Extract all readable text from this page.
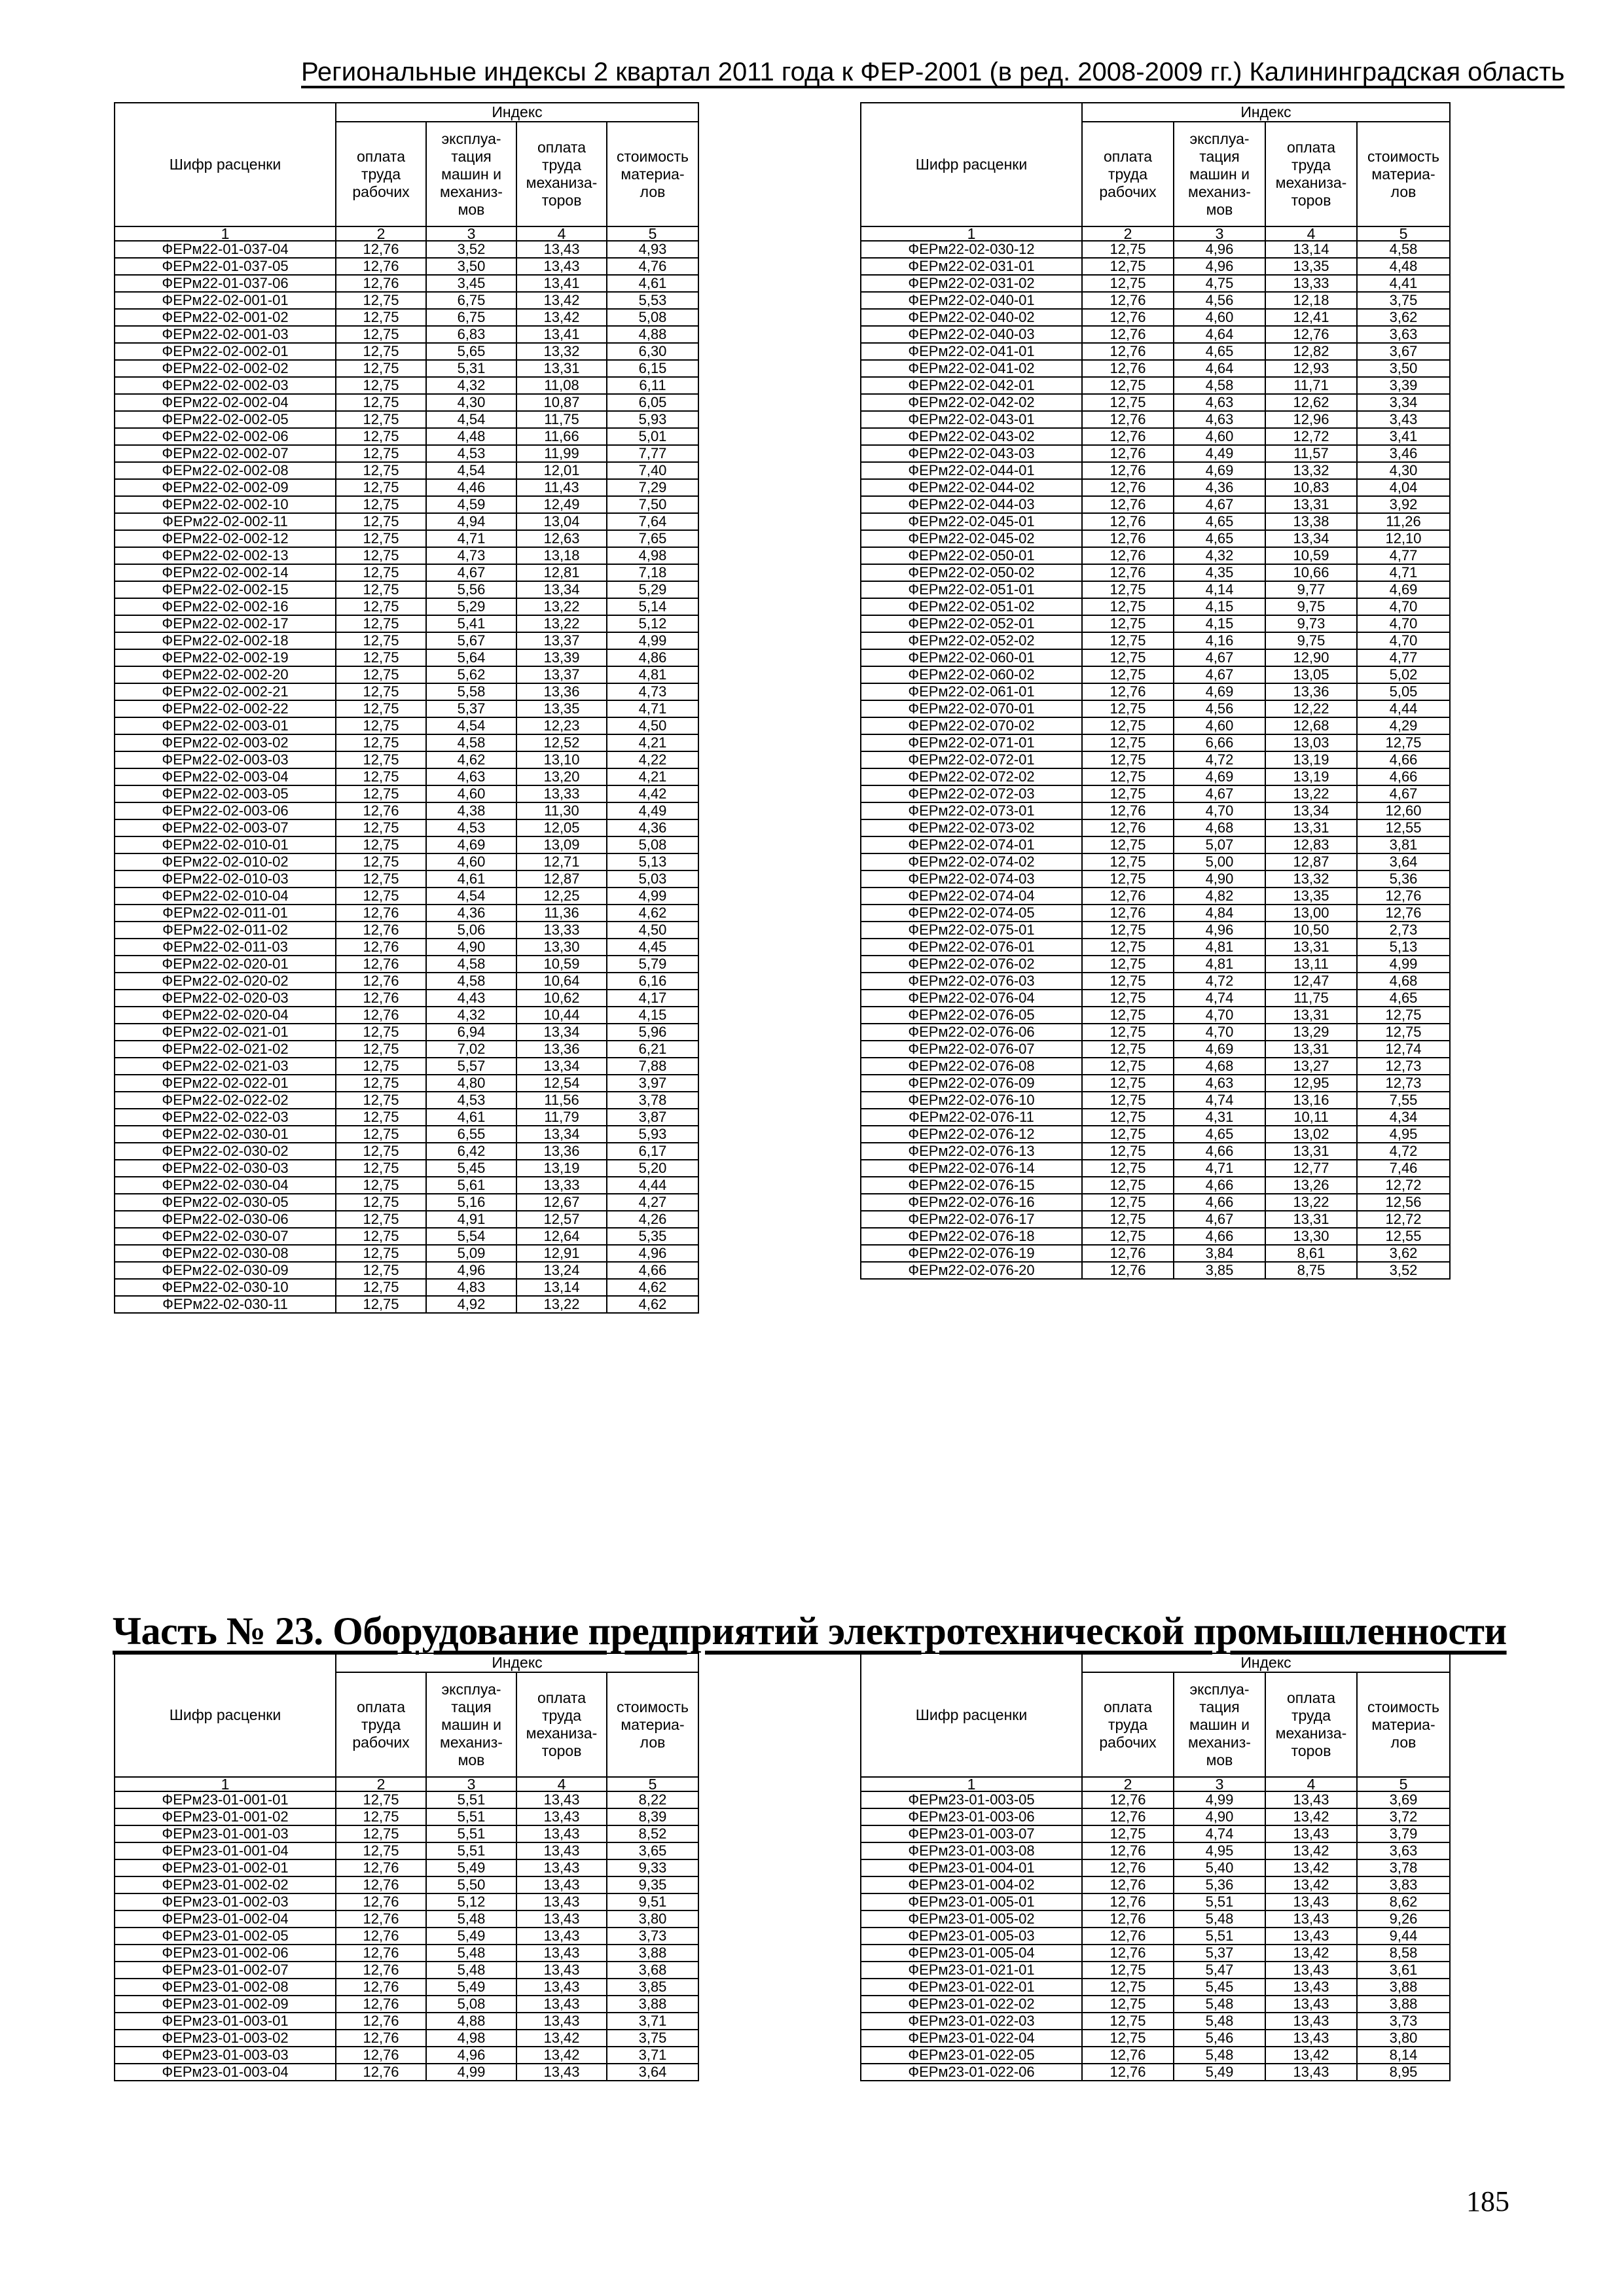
Региональные индексы 2 квартал 2011 года к ФЕР-2001 (в ред. 2008-2009 гг.) Калининградская область
Шифр расценки	Индекс			
	оплата труда рабочих	эксплуа- тация машин и механиз- мов	оплата труда механиза- торов	стоимость материа- лов
1	2	3	4	5
ФЕРм22-01-037-04	12,76	3,52	13,43	4,93
ФЕРм22-01-037-05	12,76	3,50	13,43	4,76
ФЕРм22-01-037-06	12,76	3,45	13,41	4,61
ФЕРм22-02-001-01	12,75	6,75	13,42	5,53
ФЕРм22-02-001-02	12,75	6,75	13,42	5,08
ФЕРм22-02-001-03	12,75	6,83	13,41	4,88
ФЕРм22-02-002-01	12,75	5,65	13,32	6,30
ФЕРм22-02-002-02	12,75	5,31	13,31	6,15
ФЕРм22-02-002-03	12,75	4,32	11,08	6,11
ФЕРм22-02-002-04	12,75	4,30	10,87	6,05
ФЕРм22-02-002-05	12,75	4,54	11,75	5,93
ФЕРм22-02-002-06	12,75	4,48	11,66	5,01
ФЕРм22-02-002-07	12,75	4,53	11,99	7,77
ФЕРм22-02-002-08	12,75	4,54	12,01	7,40
ФЕРм22-02-002-09	12,75	4,46	11,43	7,29
ФЕРм22-02-002-10	12,75	4,59	12,49	7,50
ФЕРм22-02-002-11	12,75	4,94	13,04	7,64
ФЕРм22-02-002-12	12,75	4,71	12,63	7,65
ФЕРм22-02-002-13	12,75	4,73	13,18	4,98
ФЕРм22-02-002-14	12,75	4,67	12,81	7,18
ФЕРм22-02-002-15	12,75	5,56	13,34	5,29
ФЕРм22-02-002-16	12,75	5,29	13,22	5,14
ФЕРм22-02-002-17	12,75	5,41	13,22	5,12
ФЕРм22-02-002-18	12,75	5,67	13,37	4,99
ФЕРм22-02-002-19	12,75	5,64	13,39	4,86
ФЕРм22-02-002-20	12,75	5,62	13,37	4,81
ФЕРм22-02-002-21	12,75	5,58	13,36	4,73
ФЕРм22-02-002-22	12,75	5,37	13,35	4,71
ФЕРм22-02-003-01	12,75	4,54	12,23	4,50
ФЕРм22-02-003-02	12,75	4,58	12,52	4,21
ФЕРм22-02-003-03	12,75	4,62	13,10	4,22
ФЕРм22-02-003-04	12,75	4,63	13,20	4,21
ФЕРм22-02-003-05	12,75	4,60	13,33	4,42
ФЕРм22-02-003-06	12,76	4,38	11,30	4,49
ФЕРм22-02-003-07	12,75	4,53	12,05	4,36
ФЕРм22-02-010-01	12,75	4,69	13,09	5,08
ФЕРм22-02-010-02	12,75	4,60	12,71	5,13
ФЕРм22-02-010-03	12,75	4,61	12,87	5,03
ФЕРм22-02-010-04	12,75	4,54	12,25	4,99
ФЕРм22-02-011-01	12,76	4,36	11,36	4,62
ФЕРм22-02-011-02	12,76	5,06	13,33	4,50
ФЕРм22-02-011-03	12,76	4,90	13,30	4,45
ФЕРм22-02-020-01	12,76	4,58	10,59	5,79
ФЕРм22-02-020-02	12,76	4,58	10,64	6,16
ФЕРм22-02-020-03	12,76	4,43	10,62	4,17
ФЕРм22-02-020-04	12,76	4,32	10,44	4,15
ФЕРм22-02-021-01	12,75	6,94	13,34	5,96
ФЕРм22-02-021-02	12,75	7,02	13,36	6,21
ФЕРм22-02-021-03	12,75	5,57	13,34	7,88
ФЕРм22-02-022-01	12,75	4,80	12,54	3,97
ФЕРм22-02-022-02	12,75	4,53	11,56	3,78
ФЕРм22-02-022-03	12,75	4,61	11,79	3,87
ФЕРм22-02-030-01	12,75	6,55	13,34	5,93
ФЕРм22-02-030-02	12,75	6,42	13,36	6,17
ФЕРм22-02-030-03	12,75	5,45	13,19	5,20
ФЕРм22-02-030-04	12,75	5,61	13,33	4,44
ФЕРм22-02-030-05	12,75	5,16	12,67	4,27
ФЕРм22-02-030-06	12,75	4,91	12,57	4,26
ФЕРм22-02-030-07	12,75	5,54	12,64	5,35
ФЕРм22-02-030-08	12,75	5,09	12,91	4,96
ФЕРм22-02-030-09	12,75	4,96	13,24	4,66
ФЕРм22-02-030-10	12,75	4,83	13,14	4,62
ФЕРм22-02-030-11	12,75	4,92	13,22	4,62
Шифр расценки	Индекс			
	оплата труда рабочих	эксплуа- тация машин и механиз- мов	оплата труда механиза- торов	стоимость материа- лов
1	2	3	4	5
ФЕРм22-02-030-12	12,75	4,96	13,14	4,58
ФЕРм22-02-031-01	12,75	4,96	13,35	4,48
ФЕРм22-02-031-02	12,75	4,75	13,33	4,41
ФЕРм22-02-040-01	12,76	4,56	12,18	3,75
ФЕРм22-02-040-02	12,76	4,60	12,41	3,62
ФЕРм22-02-040-03	12,76	4,64	12,76	3,63
ФЕРм22-02-041-01	12,76	4,65	12,82	3,67
ФЕРм22-02-041-02	12,76	4,64	12,93	3,50
ФЕРм22-02-042-01	12,75	4,58	11,71	3,39
ФЕРм22-02-042-02	12,75	4,63	12,62	3,34
ФЕРм22-02-043-01	12,76	4,63	12,96	3,43
ФЕРм22-02-043-02	12,76	4,60	12,72	3,41
ФЕРм22-02-043-03	12,76	4,49	11,57	3,46
ФЕРм22-02-044-01	12,76	4,69	13,32	4,30
ФЕРм22-02-044-02	12,76	4,36	10,83	4,04
ФЕРм22-02-044-03	12,76	4,67	13,31	3,92
ФЕРм22-02-045-01	12,76	4,65	13,38	11,26
ФЕРм22-02-045-02	12,76	4,65	13,34	12,10
ФЕРм22-02-050-01	12,76	4,32	10,59	4,77
ФЕРм22-02-050-02	12,76	4,35	10,66	4,71
ФЕРм22-02-051-01	12,75	4,14	9,77	4,69
ФЕРм22-02-051-02	12,75	4,15	9,75	4,70
ФЕРм22-02-052-01	12,75	4,15	9,73	4,70
ФЕРм22-02-052-02	12,75	4,16	9,75	4,70
ФЕРм22-02-060-01	12,75	4,67	12,90	4,77
ФЕРм22-02-060-02	12,75	4,67	13,05	5,02
ФЕРм22-02-061-01	12,76	4,69	13,36	5,05
ФЕРм22-02-070-01	12,75	4,56	12,22	4,44
ФЕРм22-02-070-02	12,75	4,60	12,68	4,29
ФЕРм22-02-071-01	12,75	6,66	13,03	12,75
ФЕРм22-02-072-01	12,75	4,72	13,19	4,66
ФЕРм22-02-072-02	12,75	4,69	13,19	4,66
ФЕРм22-02-072-03	12,75	4,67	13,22	4,67
ФЕРм22-02-073-01	12,76	4,70	13,34	12,60
ФЕРм22-02-073-02	12,76	4,68	13,31	12,55
ФЕРм22-02-074-01	12,75	5,07	12,83	3,81
ФЕРм22-02-074-02	12,75	5,00	12,87	3,64
ФЕРм22-02-074-03	12,75	4,90	13,32	5,36
ФЕРм22-02-074-04	12,76	4,82	13,35	12,76
ФЕРм22-02-074-05	12,76	4,84	13,00	12,76
ФЕРм22-02-075-01	12,75	4,96	10,50	2,73
ФЕРм22-02-076-01	12,75	4,81	13,31	5,13
ФЕРм22-02-076-02	12,75	4,81	13,11	4,99
ФЕРм22-02-076-03	12,75	4,72	12,47	4,68
ФЕРм22-02-076-04	12,75	4,74	11,75	4,65
ФЕРм22-02-076-05	12,75	4,70	13,31	12,75
ФЕРм22-02-076-06	12,75	4,70	13,29	12,75
ФЕРм22-02-076-07	12,75	4,69	13,31	12,74
ФЕРм22-02-076-08	12,75	4,68	13,27	12,73
ФЕРм22-02-076-09	12,75	4,63	12,95	12,73
ФЕРм22-02-076-10	12,75	4,74	13,16	7,55
ФЕРм22-02-076-11	12,75	4,31	10,11	4,34
ФЕРм22-02-076-12	12,75	4,65	13,02	4,95
ФЕРм22-02-076-13	12,75	4,66	13,31	4,72
ФЕРм22-02-076-14	12,75	4,71	12,77	7,46
ФЕРм22-02-076-15	12,75	4,66	13,26	12,72
ФЕРм22-02-076-16	12,75	4,66	13,22	12,56
ФЕРм22-02-076-17	12,75	4,67	13,31	12,72
ФЕРм22-02-076-18	12,75	4,66	13,30	12,55
ФЕРм22-02-076-19	12,76	3,84	8,61	3,62
ФЕРм22-02-076-20	12,76	3,85	8,75	3,52
Часть № 23. Оборудование предприятий электротехнической промышленности
Шифр расценки	Индекс			
	оплата труда рабочих	эксплуа- тация машин и механиз- мов	оплата труда механиза- торов	стоимость материа- лов
1	2	3	4	5
ФЕРм23-01-001-01	12,75	5,51	13,43	8,22
ФЕРм23-01-001-02	12,75	5,51	13,43	8,39
ФЕРм23-01-001-03	12,75	5,51	13,43	8,52
ФЕРм23-01-001-04	12,75	5,51	13,43	3,65
ФЕРм23-01-002-01	12,76	5,49	13,43	9,33
ФЕРм23-01-002-02	12,76	5,50	13,43	9,35
ФЕРм23-01-002-03	12,76	5,12	13,43	9,51
ФЕРм23-01-002-04	12,76	5,48	13,43	3,80
ФЕРм23-01-002-05	12,76	5,49	13,43	3,73
ФЕРм23-01-002-06	12,76	5,48	13,43	3,88
ФЕРм23-01-002-07	12,76	5,48	13,43	3,68
ФЕРм23-01-002-08	12,76	5,49	13,43	3,85
ФЕРм23-01-002-09	12,76	5,08	13,43	3,88
ФЕРм23-01-003-01	12,76	4,88	13,43	3,71
ФЕРм23-01-003-02	12,76	4,98	13,42	3,75
ФЕРм23-01-003-03	12,76	4,96	13,42	3,71
ФЕРм23-01-003-04	12,76	4,99	13,43	3,64
Шифр расценки	Индекс			
	оплата труда рабочих	эксплуа- тация машин и механиз- мов	оплата труда механиза- торов	стоимость материа- лов
1	2	3	4	5
ФЕРм23-01-003-05	12,76	4,99	13,43	3,69
ФЕРм23-01-003-06	12,76	4,90	13,42	3,72
ФЕРм23-01-003-07	12,75	4,74	13,43	3,79
ФЕРм23-01-003-08	12,76	4,95	13,42	3,63
ФЕРм23-01-004-01	12,76	5,40	13,42	3,78
ФЕРм23-01-004-02	12,76	5,36	13,42	3,83
ФЕРм23-01-005-01	12,76	5,51	13,43	8,62
ФЕРм23-01-005-02	12,76	5,48	13,43	9,26
ФЕРм23-01-005-03	12,76	5,51	13,43	9,44
ФЕРм23-01-005-04	12,76	5,37	13,42	8,58
ФЕРм23-01-021-01	12,75	5,47	13,43	3,61
ФЕРм23-01-022-01	12,75	5,45	13,43	3,88
ФЕРм23-01-022-02	12,75	5,48	13,43	3,88
ФЕРм23-01-022-03	12,75	5,48	13,43	3,73
ФЕРм23-01-022-04	12,75	5,46	13,43	3,80
ФЕРм23-01-022-05	12,76	5,48	13,42	8,14
ФЕРм23-01-022-06	12,76	5,49	13,43	8,95
185
